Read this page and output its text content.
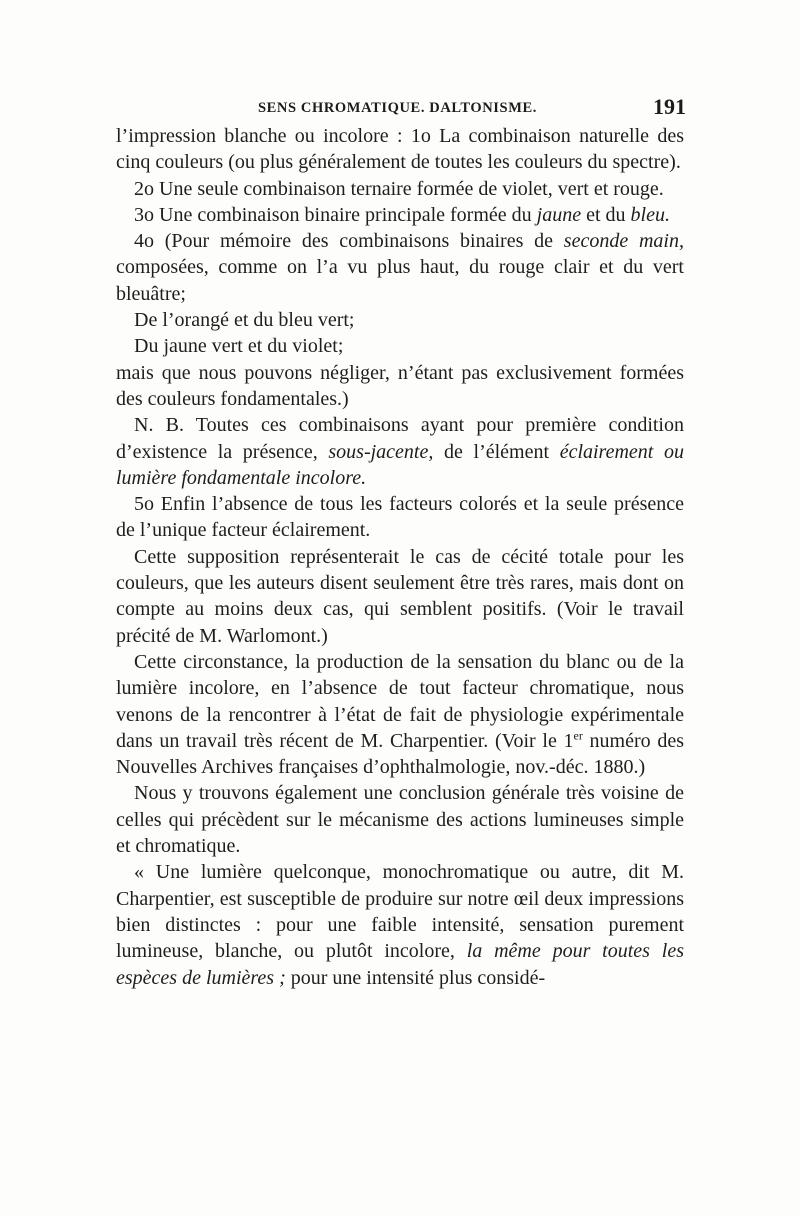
SENS CHROMATIQUE. DALTONISME.	191

l’impression blanche ou incolore : 1o La combinaison naturelle des cinq couleurs (ou plus généralement de toutes les couleurs du spectre).

2o Une seule combinaison ternaire formée de violet, vert et rouge.

3o Une combinaison binaire principale formée du jaune et du bleu.

4o (Pour mémoire des combinaisons binaires de seconde main, composées, comme on l’a vu plus haut, du rouge clair et du vert bleuâtre;

De l’orangé et du bleu vert;

Du jaune vert et du violet;

mais que nous pouvons négliger, n’étant pas exclusivement formées des couleurs fondamentales.)

N. B. Toutes ces combinaisons ayant pour première condition d’existence la présence, sous-jacente, de l’élément éclairement ou lumière fondamentale incolore.

5o Enfin l’absence de tous les facteurs colorés et la seule présence de l’unique facteur éclairement.

Cette supposition représenterait le cas de cécité totale pour les couleurs, que les auteurs disent seulement être très rares, mais dont on compte au moins deux cas, qui semblent positifs. (Voir le travail précité de M. Warlomont.)

Cette circonstance, la production de la sensation du blanc ou de la lumière incolore, en l’absence de tout facteur chromatique, nous venons de la rencontrer à l’état de fait de physiologie expérimentale dans un travail très récent de M. Charpentier. (Voir le 1er numéro des Nouvelles Archives françaises d’ophthalmologie, nov.-déc. 1880.)

Nous y trouvons également une conclusion générale très voisine de celles qui précèdent sur le mécanisme des actions lumineuses simple et chromatique.

« Une lumière quelconque, monochromatique ou autre, dit M. Charpentier, est susceptible de produire sur notre œil deux impressions bien distinctes : pour une faible intensité, sensation purement lumineuse, blanche, ou plutôt incolore, la même pour toutes les espèces de lumières ; pour une intensité plus considé-
